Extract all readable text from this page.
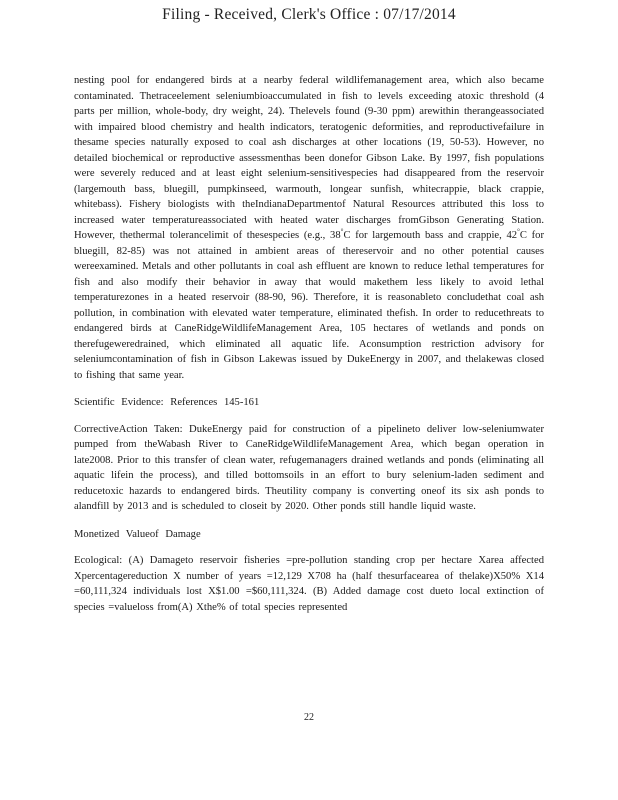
Filing - Received, Clerk's Office : 07/17/2014

nesting pool for endangered birds at a nearby federal wildlifemanagement area, which also became contaminated. Thetraceelement seleniumbioaccumulated in fish to levels exceeding atoxic threshold (4 parts per million, whole-body, dry weight, 24). Thelevels found (9-30 ppm) arewithin therangeassociated with impaired blood chemistry and health indicators, teratogenic deformities, and reproductivefailure in thesame species naturally exposed to coal ash discharges at other locations (19, 50-53). However, no detailed biochemical or reproductive assessmenthas been donefor Gibson Lake. By 1997, fish populations were severely reduced and at least eight selenium-sensitivespecies had disappeared from the reservoir (largemouth bass, bluegill, pumpkinseed, warmouth, longear sunfish, whitecrappie, black crappie, whitebass). Fishery biologists with theIndianaDepartmentof Natural Resources attributed this loss to increased water temperatureassociated with heated water discharges fromGibson Generating Station. However, thethermal tolerancelimit of thesespecies (e.g., 38°C for largemouth bass and crappie, 42°C for bluegill, 82-85) was not attained in ambient areas of thereservoir and no other potential causes wereexamined. Metals and other pollutants in coal ash effluent are known to reduce lethal temperatures for fish and also modify their behavior in away that would makethem less likely to avoid lethal temperaturezones in a heated reservoir (88-90, 96). Therefore, it is reasonableto concludethat coal ash pollution, in combination with elevated water temperature, eliminated thefish. In order to reducethreats to endangered birds at CaneRidgeWildlifeManagement Area, 105 hectares of wetlands and ponds on therefugeweredrained, which eliminated all aquatic life. Aconsumption restriction advisory for seleniumcontamination of fish in Gibson Lakewas issued by DukeEnergy in 2007, and thelakewas closed to fishing that same year.

Scientific Evidence: References 145-161

CorrectiveAction Taken: DukeEnergy paid for construction of a pipelineto deliver low-seleniumwater pumped from theWabash River to CaneRidgeWildlifeManagement Area, which began operation in late2008. Prior to this transfer of clean water, refugemanagers drained wetlands and ponds (eliminating all aquatic lifein the process), and tilled bottomsoils in an effort to bury selenium-laden sediment and reducetoxic hazards to endangered birds. Theutility company is converting oneof its six ash ponds to alandfill by 2013 and is scheduled to closeit by 2020. Other ponds still handle liquid waste.

Monetized Valueof Damage

Ecological: (A) Damageto reservoir fisheries =pre-pollution standing crop per hectare Xarea affected Xpercentagereduction X number of years =12,129 X708 ha (half thesurfacearea of thelake)X50% X14 =60,111,324 individuals lost X$1.00 =$60,111,324. (B) Added damage cost dueto local extinction of species =valueloss from(A) Xthe% of total species represented

22
